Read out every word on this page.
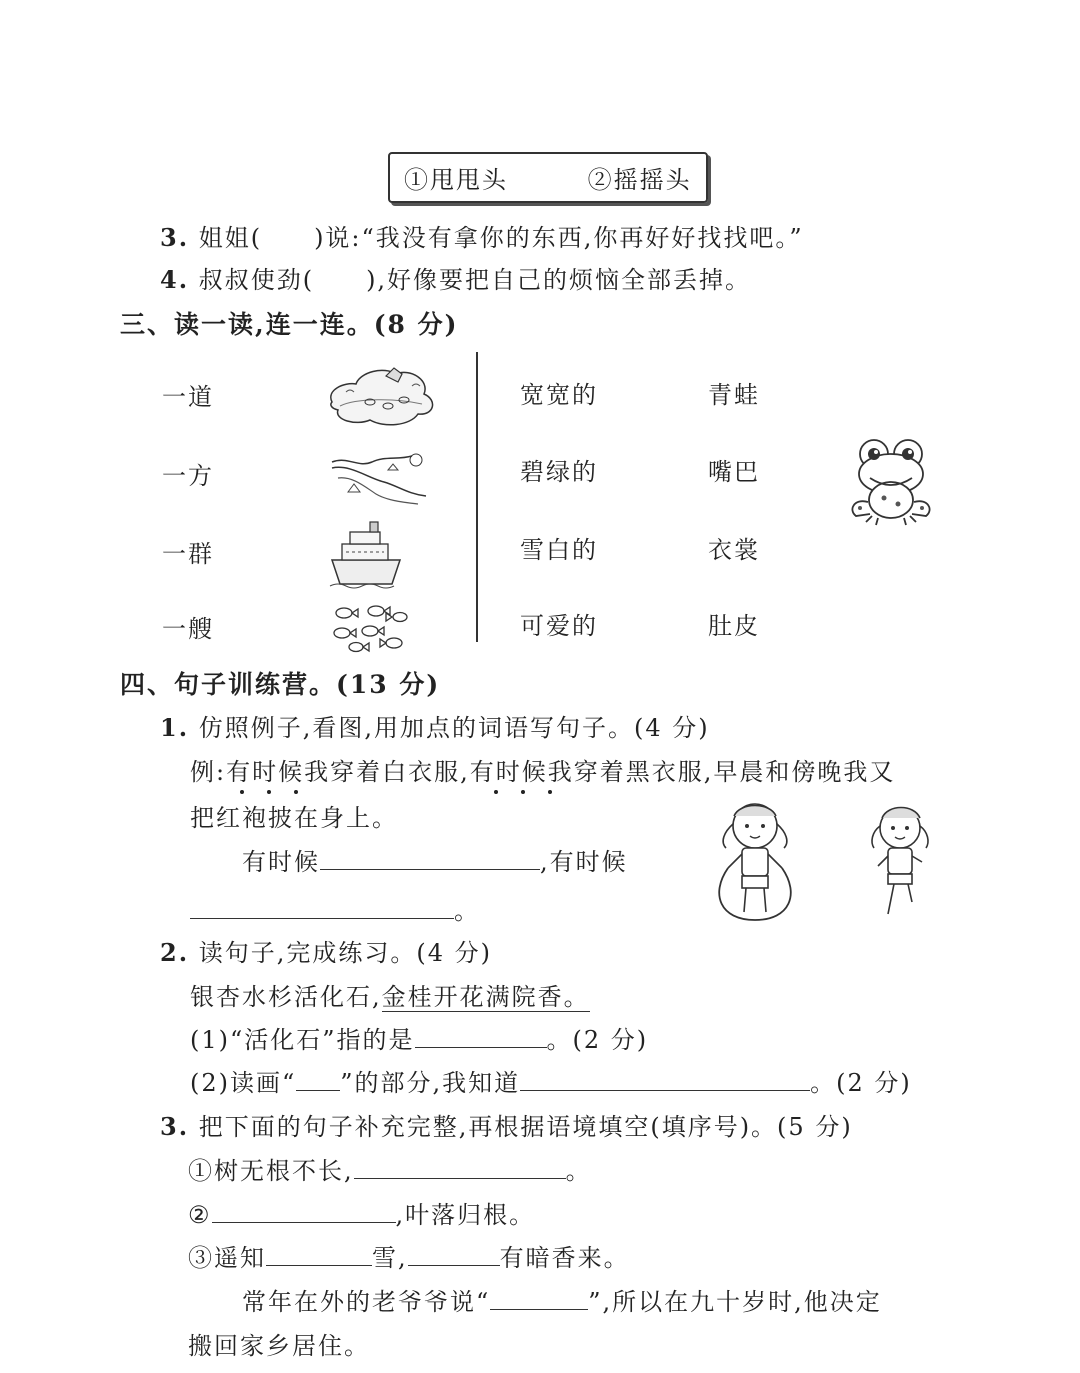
①甩甩头	②摇摇头
3. 姐姐(　　)说:“我没有拿你的东西,你再好好找找吧。”
4. 叔叔使劲(　　),好像要把自己的烦恼全部丢掉。
三、读一读,连一连。(8 分)
一道
一方
一群
一艘
宽宽的
碧绿的
雪白的
可爱的
青蛙
嘴巴
衣裳
肚皮
四、句子训练营。(13 分)
1. 仿照例子,看图,用加点的词语写句子。(4 分)
例:有时候我穿着白衣服,有时候我穿着黑衣服,早晨和傍晚我又
把红袍披在身上。
有时候	,有时候
。
2. 读句子,完成练习。(4 分)
银杏水杉活化石,金桂开花满院香。
(1)“活化石”指的是	。(2 分)
(2)读画“ ”的部分,我知道	。(2 分)
3. 把下面的句子补充完整,再根据语境填空(填序号)。(5 分)
①树无根不长,	。
②	,叶落归根。
③遥知	雪,	有暗香来。
常年在外的老爷爷说“	”,所以在九十岁时,他决定
搬回家乡居住。
